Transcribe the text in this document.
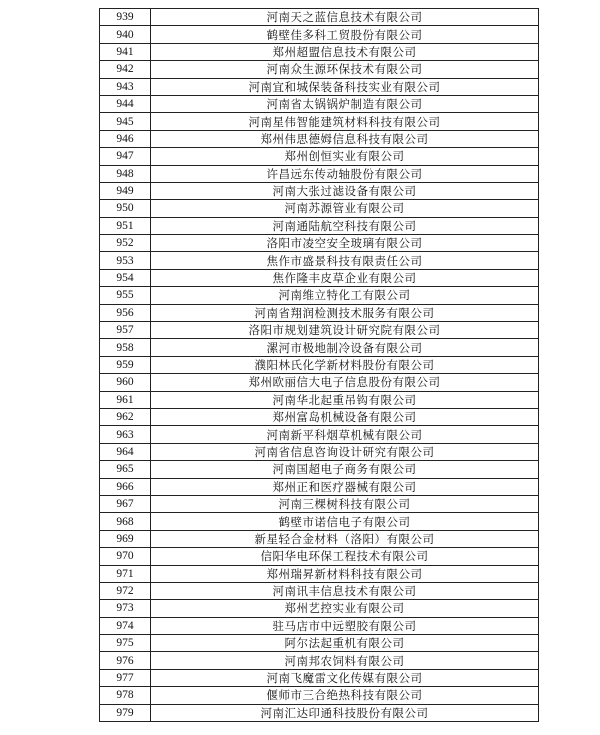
939	河南天之蓝信息技术有限公司
940	鹤壁佳多科工贸股份有限公司
941	郑州超盟信息技术有限公司
942	河南众生源环保技术有限公司
943	河南宜和城保装备科技实业有限公司
944	河南省太锅锅炉制造有限公司
945	河南星伟智能建筑材料科技有限公司
946	郑州伟思德姆信息科技有限公司
947	郑州创恒实业有限公司
948	许昌远东传动轴股份有限公司
949	河南大张过滤设备有限公司
950	河南苏源管业有限公司
951	河南通陆航空科技有限公司
952	洛阳市凌空安全玻璃有限公司
953	焦作市盛景科技有限责任公司
954	焦作隆丰皮草企业有限公司
955	河南维立特化工有限公司
956	河南省翔润检测技术服务有限公司
957	洛阳市规划建筑设计研究院有限公司
958	漯河市极地制冷设备有限公司
959	濮阳林氏化学新材料股份有限公司
960	郑州欧丽信大电子信息股份有限公司
961	河南华北起重吊钩有限公司
962	郑州富岛机械设备有限公司
963	河南新平科烟草机械有限公司
964	河南省信息咨询设计研究有限公司
965	河南国超电子商务有限公司
966	郑州正和医疗器械有限公司
967	河南三棵树科技有限公司
968	鹤壁市诺信电子有限公司
969	新星轻合金材料（洛阳）有限公司
970	信阳华电环保工程技术有限公司
971	郑州瑞昇新材料科技有限公司
972	河南讯丰信息技术有限公司
973	郑州艺控实业有限公司
974	驻马店市中远塑胶有限公司
975	阿尔法起重机有限公司
976	河南邦农饲料有限公司
977	河南飞魔雷文化传媒有限公司
978	偃师市三合绝热科技有限公司
979	河南汇达印通科技股份有限公司
